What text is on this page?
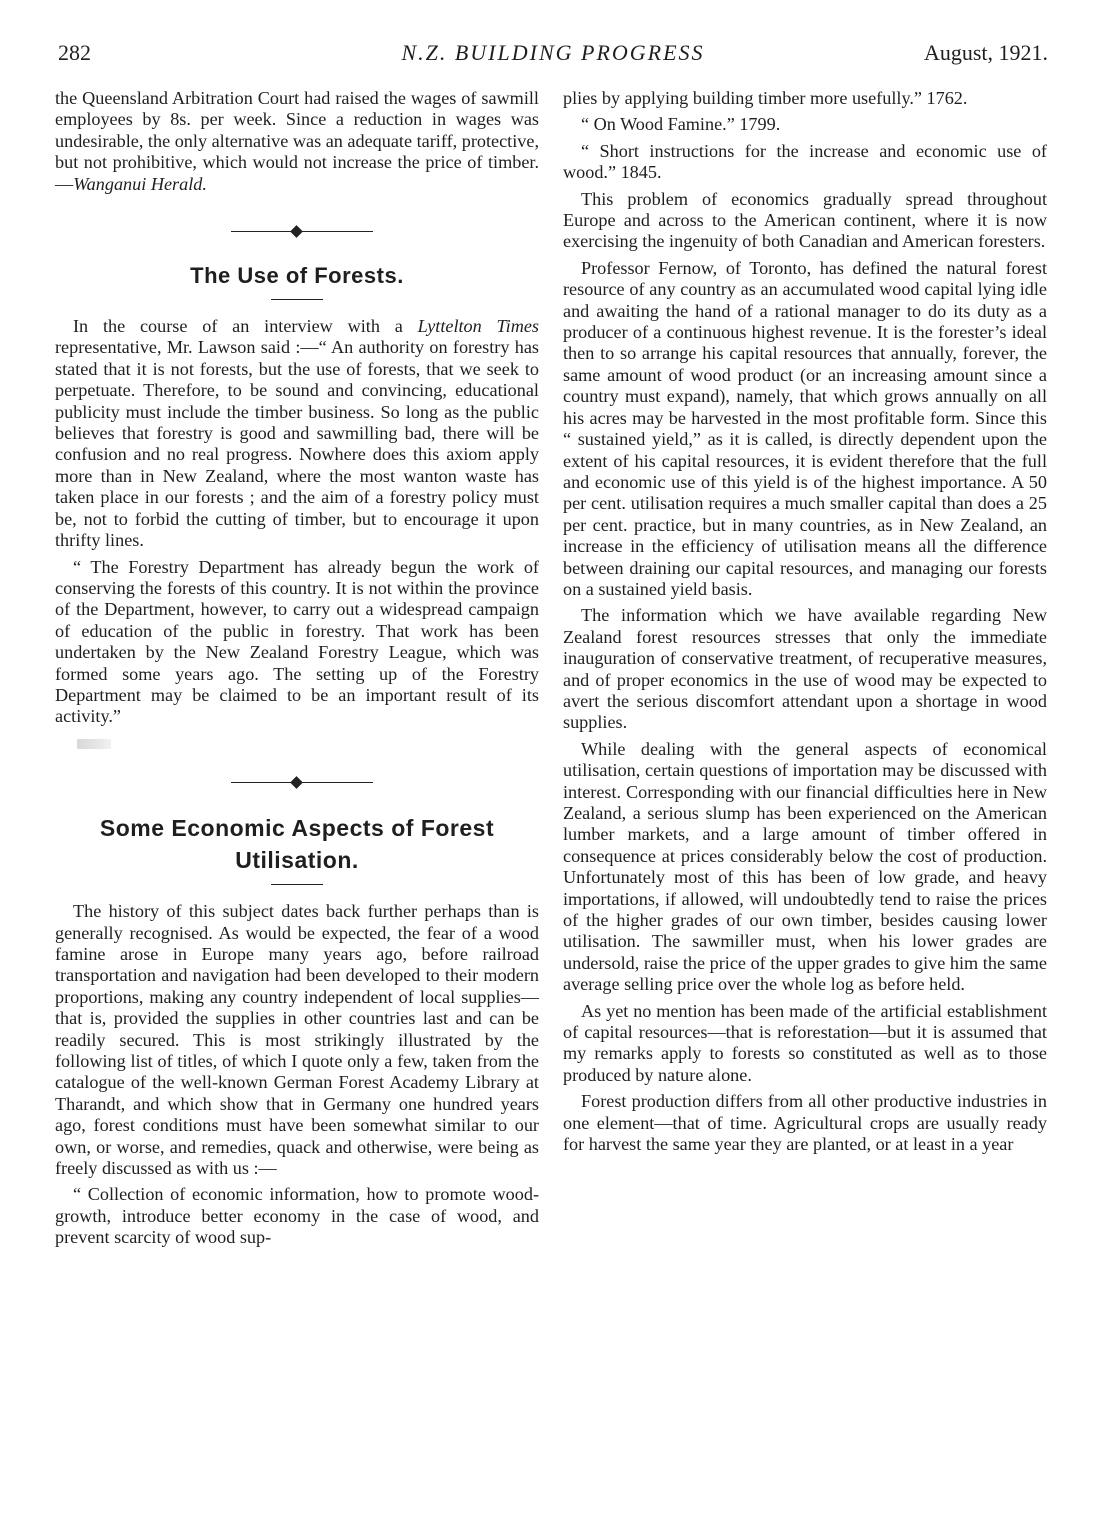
282	N.Z. BUILDING PROGRESS	August, 1921.

the Queensland Arbitration Court had raised the wages of sawmill employees by 8s. per week. Since a reduction in wages was undesirable, the only alternative was an adequate tariff, protective, but not prohibitive, which would not increase the price of timber.—Wanganui Herald.

The Use of Forests.

In the course of an interview with a Lyttelton Times representative, Mr. Lawson said :—“ An authority on forestry has stated that it is not forests, but the use of forests, that we seek to perpetuate. Therefore, to be sound and convincing, educational publicity must include the timber business. So long as the public believes that forestry is good and sawmilling bad, there will be confusion and no real progress. Nowhere does this axiom apply more than in New Zealand, where the most wanton waste has taken place in our forests ; and the aim of a forestry policy must be, not to forbid the cutting of timber, but to encourage it upon thrifty lines.

“ The Forestry Department has already begun the work of conserving the forests of this country. It is not within the province of the Department, however, to carry out a widespread campaign of education of the public in forestry. That work has been undertaken by the New Zealand Forestry League, which was formed some years ago. The setting up of the Forestry Department may be claimed to be an important result of its activity.”

Some Economic Aspects of Forest Utilisation.

The history of this subject dates back further perhaps than is generally recognised. As would be expected, the fear of a wood famine arose in Europe many years ago, before railroad transportation and navigation had been developed to their modern proportions, making any country independent of local supplies—that is, provided the supplies in other countries last and can be readily secured. This is most strikingly illustrated by the following list of titles, of which I quote only a few, taken from the catalogue of the well-known German Forest Academy Library at Tharandt, and which show that in Germany one hundred years ago, forest conditions must have been somewhat similar to our own, or worse, and remedies, quack and otherwise, were being as freely discussed as with us :—

“ Collection of economic information, how to promote wood-growth, introduce better economy in the case of wood, and prevent scarcity of wood sup-

plies by applying building timber more usefully.” 1762.

“ On Wood Famine.” 1799.

“ Short instructions for the increase and economic use of wood.” 1845.

This problem of economics gradually spread throughout Europe and across to the American continent, where it is now exercising the ingenuity of both Canadian and American foresters.

Professor Fernow, of Toronto, has defined the natural forest resource of any country as an accumulated wood capital lying idle and awaiting the hand of a rational manager to do its duty as a producer of a continuous highest revenue. It is the forester’s ideal then to so arrange his capital resources that annually, forever, the same amount of wood product (or an increasing amount since a country must expand), namely, that which grows annually on all his acres may be harvested in the most profitable form. Since this “ sustained yield,” as it is called, is directly dependent upon the extent of his capital resources, it is evident therefore that the full and economic use of this yield is of the highest importance. A 50 per cent. utilisation requires a much smaller capital than does a 25 per cent. practice, but in many countries, as in New Zealand, an increase in the efficiency of utilisation means all the difference between draining our capital resources, and managing our forests on a sustained yield basis.

The information which we have available regarding New Zealand forest resources stresses that only the immediate inauguration of conservative treatment, of recuperative measures, and of proper economics in the use of wood may be expected to avert the serious discomfort attendant upon a shortage in wood supplies.

While dealing with the general aspects of economical utilisation, certain questions of importation may be discussed with interest. Corresponding with our financial difficulties here in New Zealand, a serious slump has been experienced on the American lumber markets, and a large amount of timber offered in consequence at prices considerably below the cost of production. Unfortunately most of this has been of low grade, and heavy importations, if allowed, will undoubtedly tend to raise the prices of the higher grades of our own timber, besides causing lower utilisation. The sawmiller must, when his lower grades are undersold, raise the price of the upper grades to give him the same average selling price over the whole log as before held.

As yet no mention has been made of the artificial establishment of capital resources—that is reforestation—but it is assumed that my remarks apply to forests so constituted as well as to those produced by nature alone.

Forest production differs from all other productive industries in one element—that of time. Agricultural crops are usually ready for harvest the same year they are planted, or at least in a year
